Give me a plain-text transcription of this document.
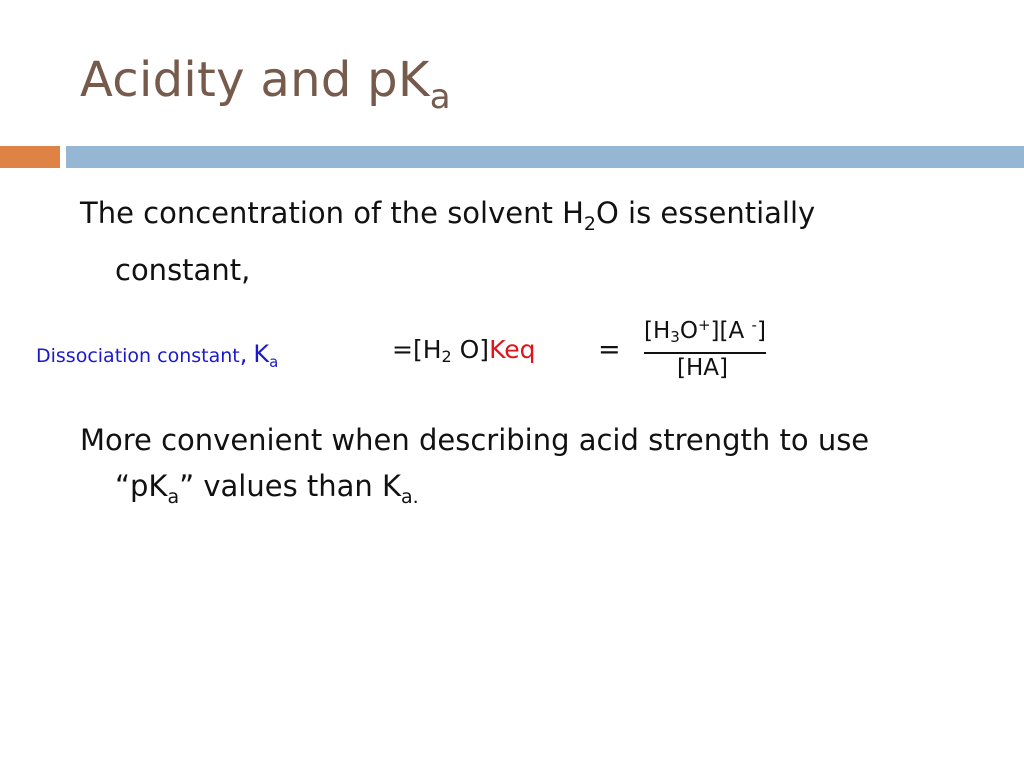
Acidity and $pK_a$
The concentration of the solvent $H_2O$ is essentially
constant,
Dissociation constant, $K_a$	=[H2 O]Keq =
[H3O+][A -]
[HA]
More convenient when describing acid strength to use
“$pK_a$” values than $K_{a.}$
